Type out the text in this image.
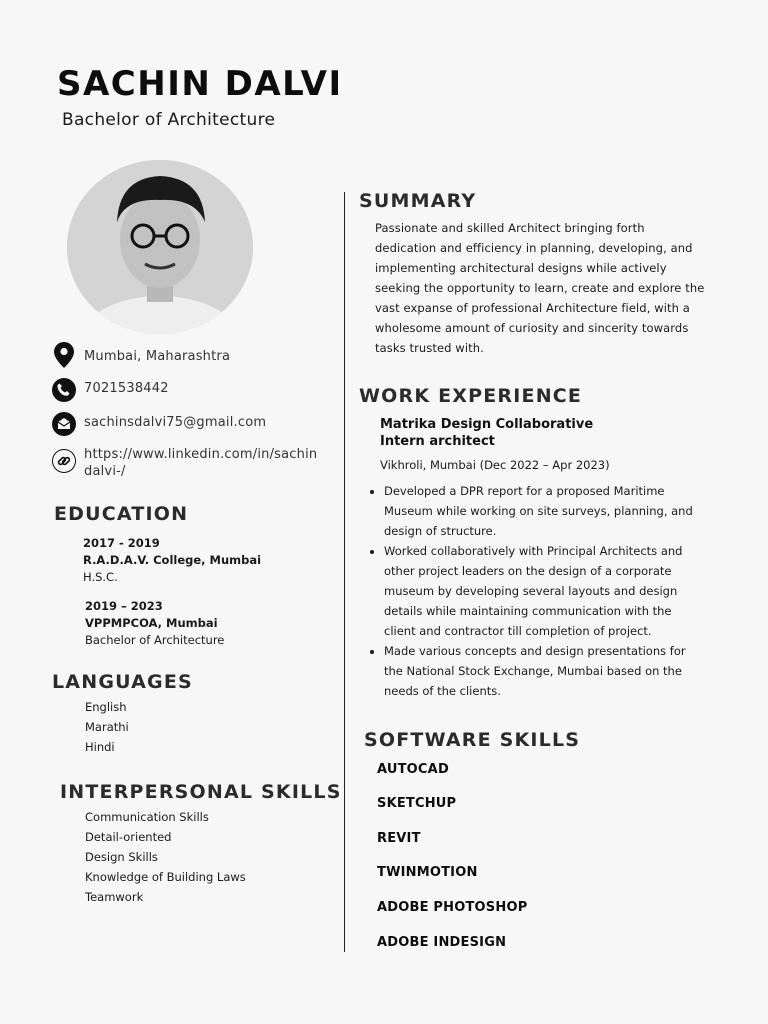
SACHIN DALVI
Bachelor of Architecture
Mumbai, Maharashtra
7021538442
sachinsdalvi75@gmail.com
https://www.linkedin.com/in/sachin dalvi-/
EDUCATION
2017 - 2019
R.A.D.A.V. College, Mumbai
H.S.C.
2019 – 2023
VPPMPCOA, Mumbai
Bachelor of Architecture
LANGUAGES
English
Marathi
Hindi
INTERPERSONAL SKILLS
Communication Skills
Detail-oriented
Design Skills
Knowledge of Building Laws
Teamwork
SUMMARY
Passionate and skilled Architect bringing forth dedication and efficiency in planning, developing, and implementing architectural designs while actively seeking the opportunity to learn, create and explore the vast expanse of professional Architecture field, with a wholesome amount of curiosity and sincerity towards tasks trusted with.
WORK EXPERIENCE
Matrika Design Collaborative
Intern architect
Vikhroli, Mumbai (Dec 2022 – Apr 2023)
• Developed a DPR report for a proposed Maritime Museum while working on site surveys, planning, and design of structure.
• Worked collaboratively with Principal Architects and other project leaders on the design of a corporate museum by developing several layouts and design details while maintaining communication with the client and contractor till completion of project.
• Made various concepts and design presentations for the National Stock Exchange, Mumbai based on the needs of the clients.
SOFTWARE SKILLS
AUTOCAD
SKETCHUP
REVIT
TWINMOTION
ADOBE PHOTOSHOP
ADOBE INDESIGN
